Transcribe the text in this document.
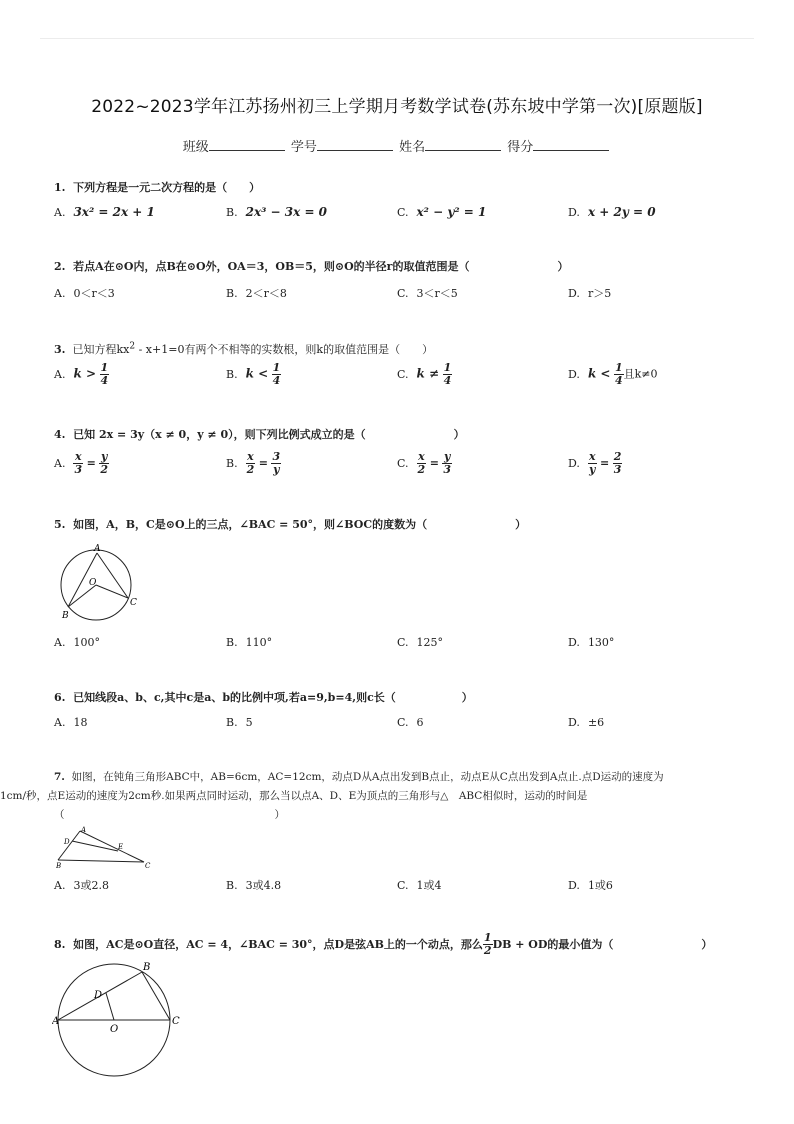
2022~2023学年江苏扬州初三上学期月考数学试卷(苏东坡中学第一次)[原题版]
班级	学号	姓名	得分
1. 下列方程是一元二次方程的是（　　）
A. 3x² = 2x + 1	B. 2x³ − 3x = 0	C. x² − y² = 1	D. x + 2y = 0
2. 若点A在⊙O内，点B在⊙O外，OA＝3，OB＝5，则⊙O的半径r的取值范围是（　　　　　　　　）
A. 0＜r＜3	B. 2＜r＜8	C. 3＜r＜5	D. r＞5
3. 已知方程$kx^2 - x+1=0$有两个不相等的实数根，则k的取值范围是（　　）
A. $k > \frac{1}{4}$	B. $k < \frac{1}{4}$	C. $k \ne \frac{1}{4}$	D. $k < \frac{1}{4}$ 且k≠0
4. 已知 2x = 3y（x ≠ 0，y ≠ 0），则下列比例式成立的是（　　　　　　　　）
A. $\frac{x}{3} = \frac{y}{2}$	B. $\frac{x}{2} = \frac{3}{y}$	C. $\frac{x}{2} = \frac{y}{3}$	D. $\frac{x}{y} = \frac{2}{3}$
5. 如图，A，B，C是⊙O上的三点，∠BAC = 50°，则∠BOC的度数为（　　　　　　　　）
A
O
B
C
A. 100°	B. 110°	C. 125°	D. 130°
6. 已知线段a、b、c,其中c是a、b的比例中项,若a=9,b=4,则c长（　　　　　　）
A. 18	B. 5	C. 6	D. ±6
7. 如图，在钝角三角形ABC中，AB=6cm，AC=12cm，动点D从A点出发到B点止，动点E从C点出发到A点止.点D运动的速度为
1cm/秒，点E运动的速度为2cm秒.如果两点同时运动，那么当以点A、D、E为顶点的三角形与△　ABC相似时，运动的时间是
（　　　　　　　　　　　　　　　　　　　　）
A
D
B
E
C
A. 3或2.8	B. 3或4.8	C. 1或4	D. 1或6
8. 如图，AC是⊙O直径，AC = 4，∠BAC = 30°，点D是弦AB上的一个动点，那么 $\frac{1}{2}$ DB + OD的最小值为（　　　　　　　　）
B
D
A
O
C
